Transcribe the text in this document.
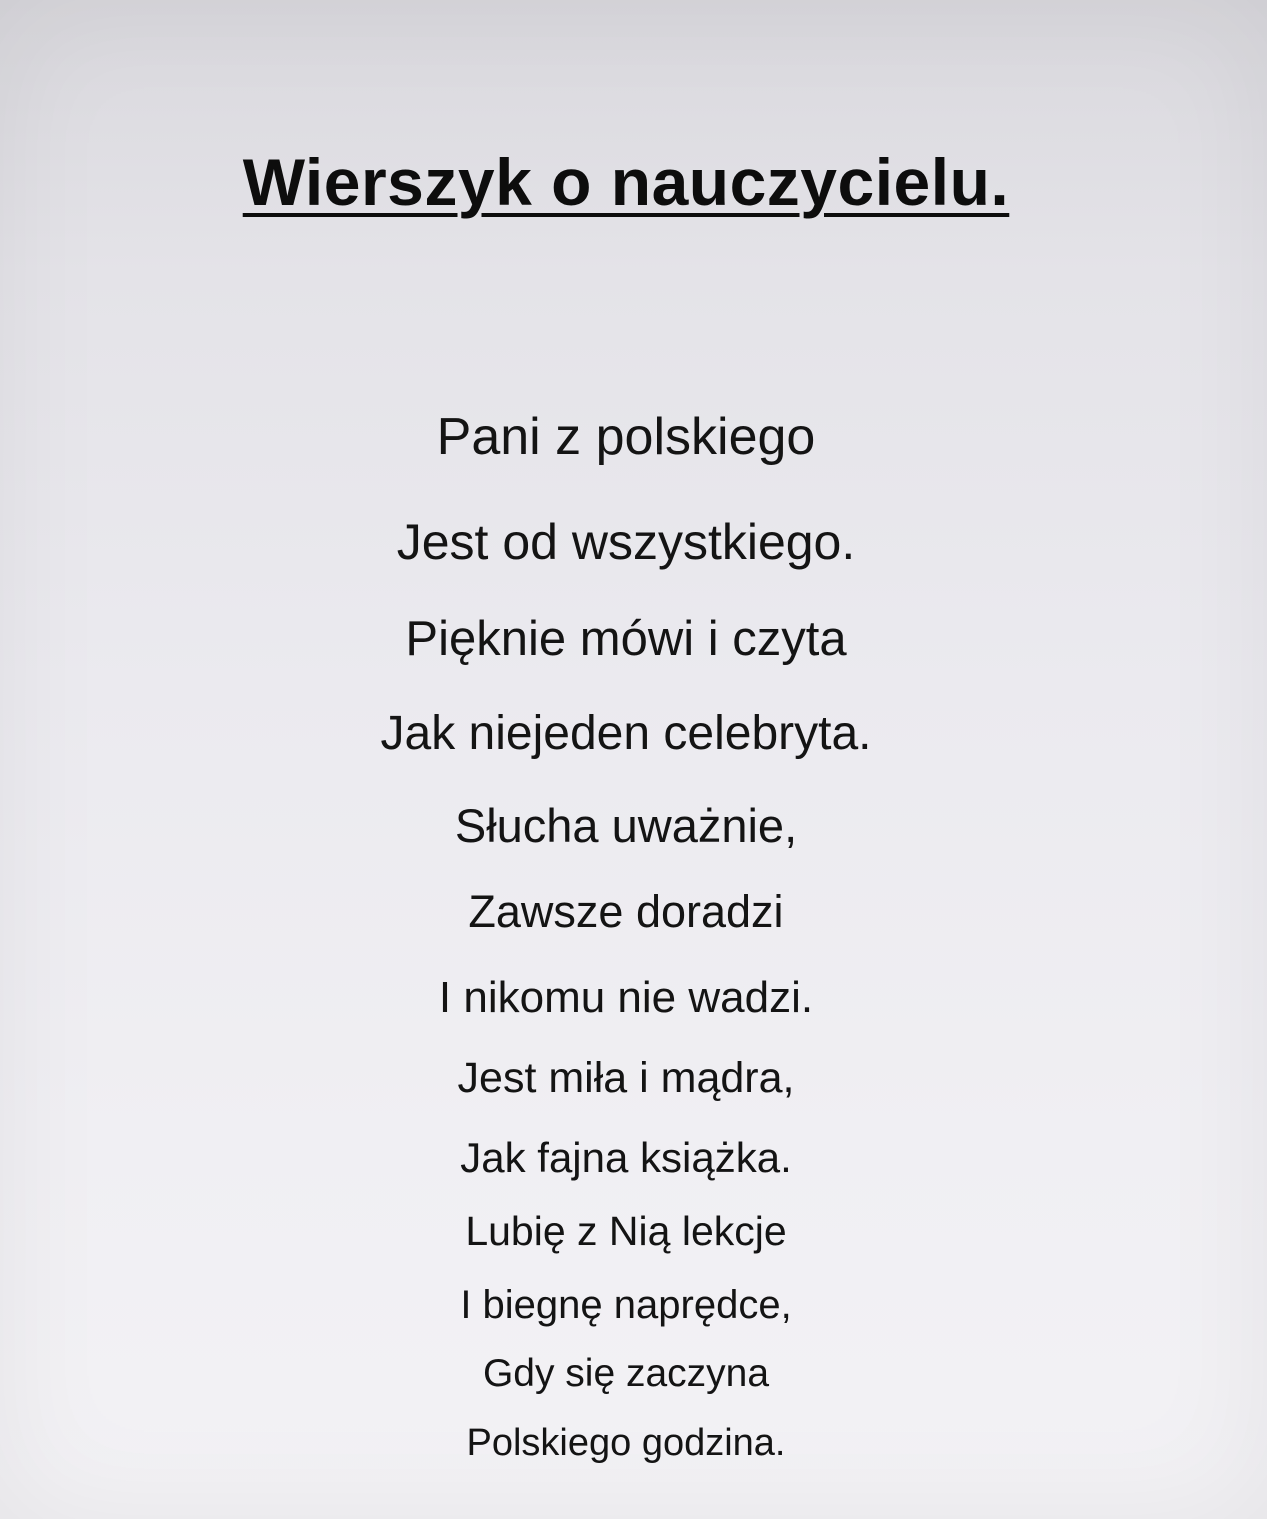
Wierszyk o nauczycielu.
Pani z polskiego
Jest od wszystkiego.
Pięknie mówi i czyta
Jak niejeden celebryta.
Słucha uważnie,
Zawsze doradzi
I nikomu nie wadzi.
Jest miła i mądra,
Jak fajna książka.
Lubię z Nią lekcje
I biegnę naprędce,
Gdy się zaczyna
Polskiego godzina.
